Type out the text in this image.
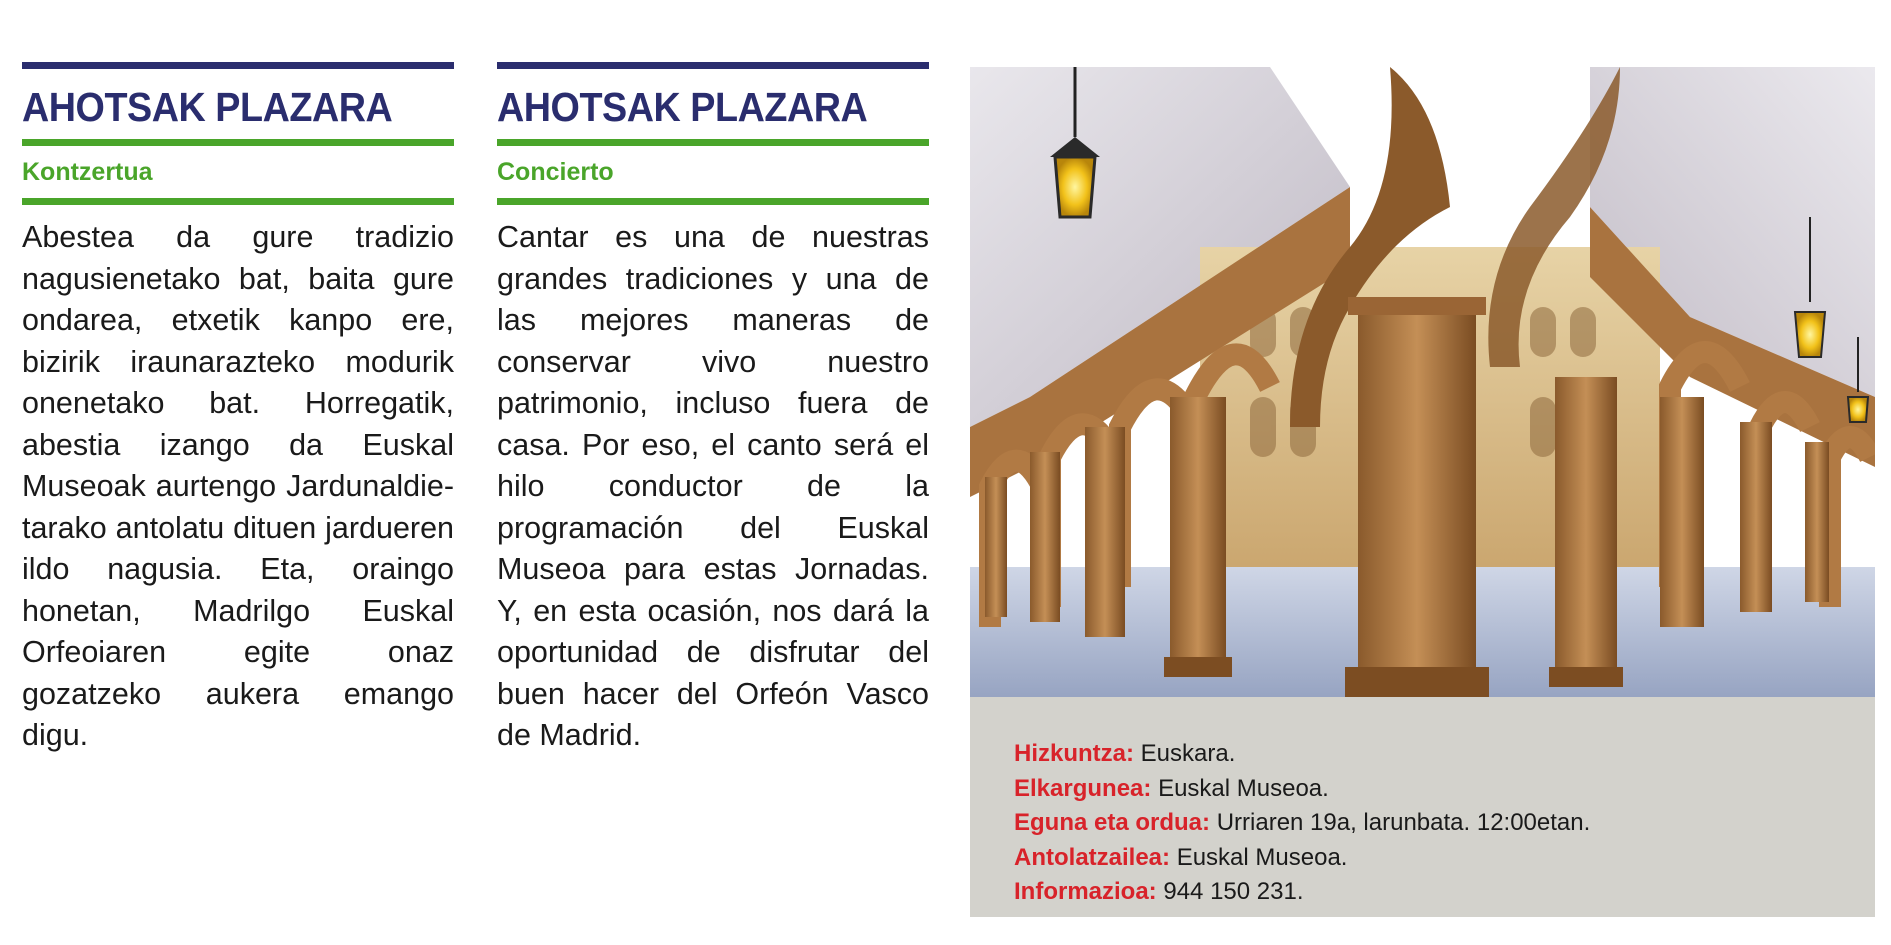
AHOTSAK PLAZARA
Kontzertua
Abestea da gure tradizio nagusienetako bat, baita gure ondarea, etxetik kanpo ere, bizirik iraunarazteko modurik onenetako bat. Horregatik, abestia izango da Euskal Museoak aurtengo Jardunaldietarako antolatu dituen jardueren ildo nagusia. Eta, oraingo honetan, Madrilgo Euskal Orfeoiaren egite onaz gozatzeko aukera emango digu.
AHOTSAK PLAZARA
Concierto
Cantar es una de nuestras grandes tradiciones y una de las mejores maneras de conservar vivo nuestro patrimonio, incluso fuera de casa. Por eso, el canto será el hilo conductor de la programación del Euskal Museoa para estas Jornadas. Y, en esta ocasión, nos dará la oportunidad de disfrutar del buen hacer del Orfeón Vasco de Madrid.
Hizkuntza: Euskara.
Elkargunea: Euskal Museoa.
Eguna eta ordua: Urriaren 19a, larunbata. 12:00etan.
Antolatzailea: Euskal Museoa.
Informazioa: 944 150 231.
